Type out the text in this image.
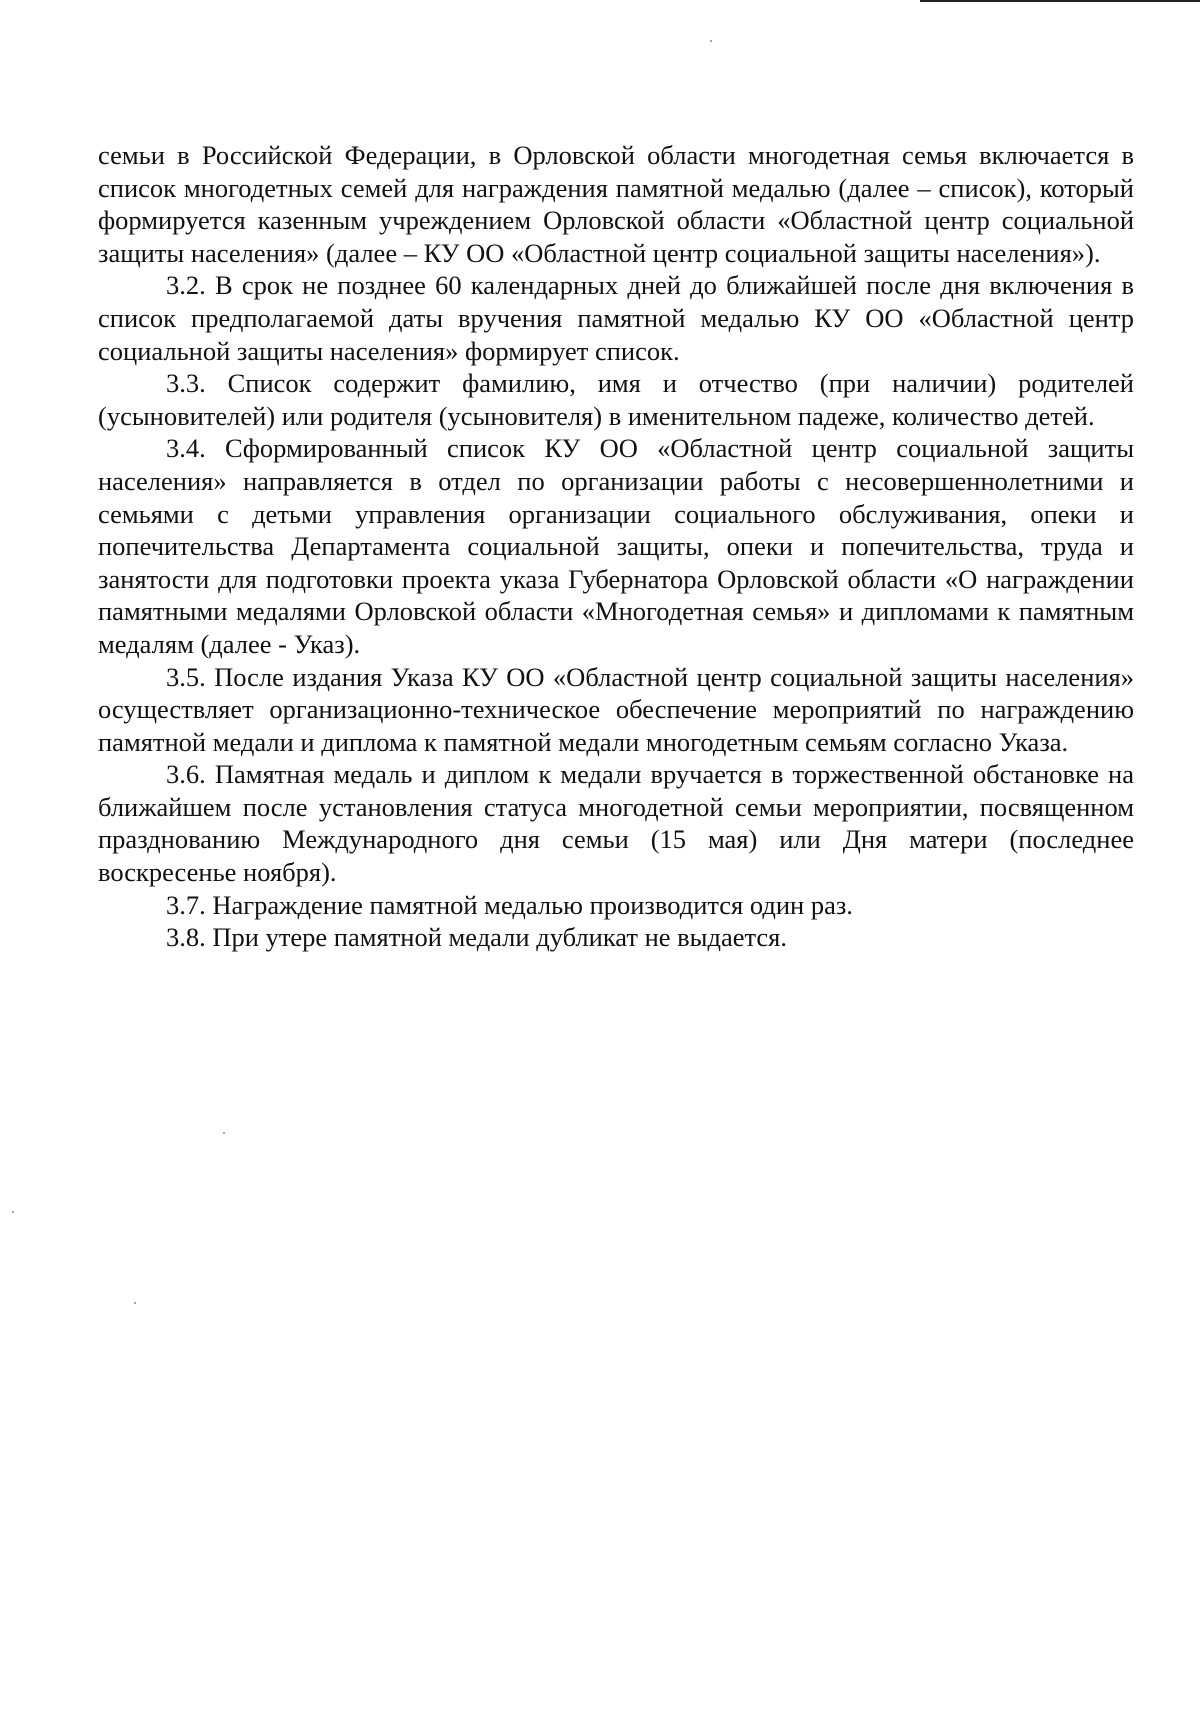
семьи в Российской Федерации, в Орловской области многодетная семья включается в список многодетных семей для награждения памятной медалью (далее – список), который формируется казенным учреждением Орловской области «Областной центр социальной защиты населения» (далее – КУ ОО «Областной центр социальной защиты населения»).

3.2. В срок не позднее 60 календарных дней до ближайшей после дня включения в список предполагаемой даты вручения памятной медалью КУ ОО «Областной центр социальной защиты населения» формирует список.

3.3. Список содержит фамилию, имя и отчество (при наличии) родителей (усыновителей) или родителя (усыновителя) в именительном падеже, количество детей.

3.4. Сформированный список КУ ОО «Областной центр социальной защиты населения» направляется в отдел по организации работы с несовершеннолетними и семьями с детьми управления организации социального обслуживания, опеки и попечительства Департамента социальной защиты, опеки и попечительства, труда и занятости для подготовки проекта указа Губернатора Орловской области «О награждении памятными медалями Орловской области «Многодетная семья» и дипломами к памятным медалям (далее - Указ).

3.5. После издания Указа КУ ОО «Областной центр социальной защиты населения» осуществляет организационно-техническое обеспечение мероприятий по награждению памятной медали и диплома к памятной медали многодетным семьям согласно Указа.

3.6. Памятная медаль и диплом к медали вручается в торжественной обстановке на ближайшем после установления статуса многодетной семьи мероприятии, посвященном празднованию Международного дня семьи (15 мая) или Дня матери (последнее воскресенье ноября).

3.7. Награждение памятной медалью производится один раз.

3.8. При утере памятной медали дубликат не выдается.
